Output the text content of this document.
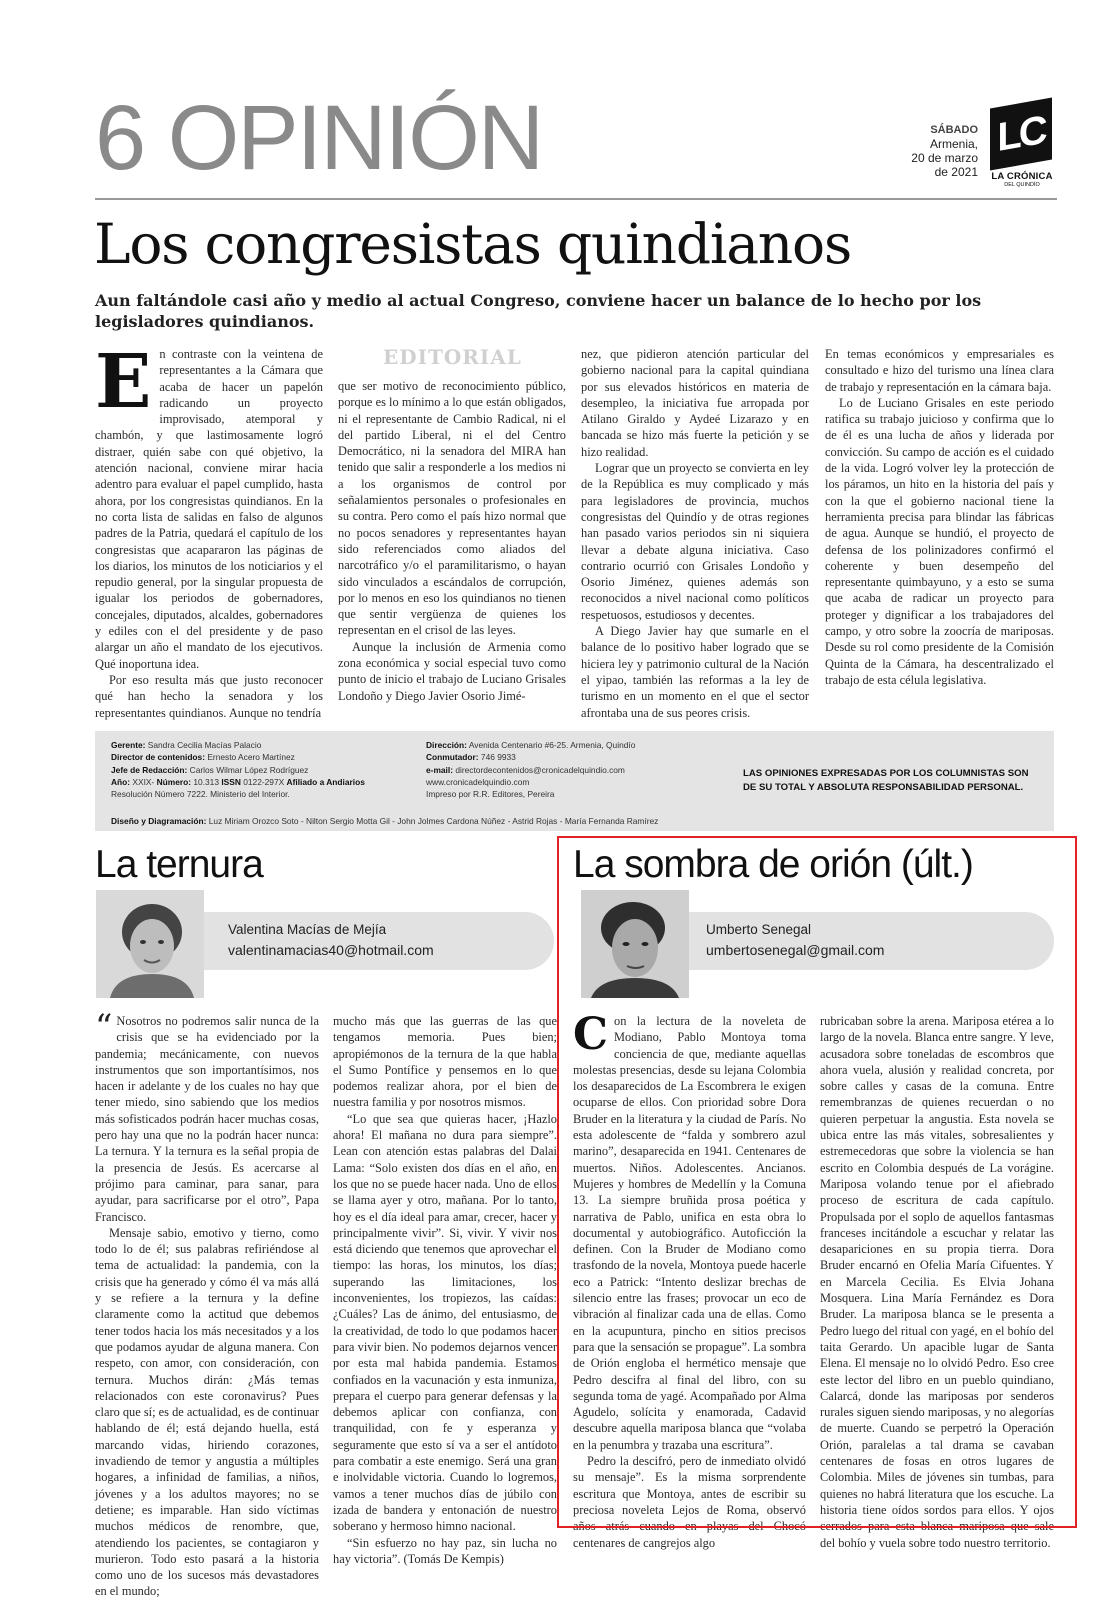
6 OPINIÓN	SÁBADO
Armenia,
20 de marzo
de 2021
LC
LA CRÓNICA
DEL QUINDÍO
Los congresistas quindianos
Aun faltándole casi año y medio al actual Congreso, conviene hacer un balance de lo hecho por los legisladores quindianos.
EDITORIAL

En contraste con la veintena de representantes a la Cámara que acaba de hacer un papelón radicando un proyecto improvisado, atemporal y chambón, y que lastimosamente logró distraer, quién sabe con qué objetivo, la atención nacional, conviene mirar hacia adentro para evaluar el papel cumplido, hasta ahora, por los congresistas quindianos. En la no corta lista de salidas en falso de algunos padres de la Patria, quedará el capítulo de los congresistas que acapararon las páginas de los diarios, los minutos de los noticiarios y el repudio general, por la singular propuesta de igualar los periodos de gobernadores, concejales, diputados, alcaldes, gobernadores y ediles con el del presidente y de paso alargar un año el mandato de los ejecutivos. Qué inoportuna idea.

Por eso resulta más que justo reconocer qué han hecho la senadora y los representantes quindianos. Aunque no tendría

que ser motivo de reconocimiento público, porque es lo mínimo a lo que están obligados, ni el representante de Cambio Radical, ni el del partido Liberal, ni el del Centro Democrático, ni la senadora del MIRA han tenido que salir a responderle a los medios ni a los organismos de control por señalamientos personales o profesionales en su contra. Pero como el país hizo normal que no pocos senadores y representantes hayan sido referenciados como aliados del narcotráfico y/o el paramilitarismo, o hayan sido vinculados a escándalos de corrupción, por lo menos en eso los quindianos no tienen que sentir vergüenza de quienes los representan en el crisol de las leyes.

Aunque la inclusión de Armenia como zona económica y social especial tuvo como punto de inicio el trabajo de Luciano Grisales Londoño y Diego Javier Osorio Jimé-

nez, que pidieron atención particular del gobierno nacional para la capital quindiana por sus elevados históricos en materia de desempleo, la iniciativa fue arropada por Atilano Giraldo y Aydeé Lizarazo y en bancada se hizo más fuerte la petición y se hizo realidad.

Lograr que un proyecto se convierta en ley de la República es muy complicado y más para legisladores de provincia, muchos congresistas del Quindío y de otras regiones han pasado varios periodos sin ni siquiera llevar a debate alguna iniciativa. Caso contrario ocurrió con Grisales Londoño y Osorio Jiménez, quienes además son reconocidos a nivel nacional como políticos respetuosos, estudiosos y decentes.

A Diego Javier hay que sumarle en el balance de lo positivo haber logrado que se hiciera ley y patrimonio cultural de la Nación el yipao, también las reformas a la ley de turismo en un momento en el que el sector afrontaba una de sus peores crisis.

En temas económicos y empresariales es consultado e hizo del turismo una línea clara de trabajo y representación en la cámara baja.

Lo de Luciano Grisales en este periodo ratifica su trabajo juicioso y confirma que lo de él es una lucha de años y liderada por convicción. Su campo de acción es el cuidado de la vida. Logró volver ley la protección de los páramos, un hito en la historia del país y con la que el gobierno nacional tiene la herramienta precisa para blindar las fábricas de agua. Aunque se hundió, el proyecto de defensa de los polinizadores confirmó el coherente y buen desempeño del representante quimbayuno, y a esto se suma que acaba de radicar un proyecto para proteger y dignificar a los trabajadores del campo, y otro sobre la zoocría de mariposas. Desde su rol como presidente de la Comisión Quinta de la Cámara, ha descentralizado el trabajo de esta célula legislativa.

Gerente: Sandra Cecilia Macías Palacio
Director de contenidos: Ernesto Acero Martínez
Jefe de Redacción: Carlos Wilmar López Rodríguez
Año: XXIX- Número: 10.313 ISSN 0122-297X Afiliado a Andiarios
Resolución Número 7222. Ministerio del Interior.
Dirección: Avenida Centenario #6-25. Armenia, Quindío
Conmutador: 746 9933
e-mail: directordecontenidos@cronicadelquindio.com
www.cronicadelquindio.com
Impreso por R.R. Editores, Pereira
LAS OPINIONES EXPRESADAS POR LOS COLUMNISTAS SON DE SU TOTAL Y ABSOLUTA RESPONSABILIDAD PERSONAL.
Diseño y Diagramación: Luz Miriam Orozco Soto - Nilton Sergio Motta Gil - John Jolmes Cardona Núñez - Astrid Rojas - María Fernanda Ramírez
La ternura
Valentina Macías de Mejía
valentinamacias40@hotmail.com

“ Nosotros no podremos salir nunca de la crisis que se ha evidenciado por la pandemia; mecánicamente, con nuevos instrumentos que son importantísimos, nos hacen ir adelante y de los cuales no hay que tener miedo, sino sabiendo que los medios más sofisticados podrán hacer muchas cosas, pero hay una que no la podrán hacer nunca: La ternura. Y la ternura es la señal propia de la presencia de Jesús. Es acercarse al prójimo para caminar, para sanar, para ayudar, para sacrificarse por el otro”, Papa Francisco.

Mensaje sabio, emotivo y tierno, como todo lo de él; sus palabras refiriéndose al tema de actualidad: la pandemia, con la crisis que ha generado y cómo él va más allá y se refiere a la ternura y la define claramente como la actitud que debemos tener todos hacia los más necesitados y a los que podamos ayudar de alguna manera. Con respeto, con amor, con consideración, con ternura. Muchos dirán: ¿Más temas relacionados con este coronavirus? Pues claro que sí; es de actualidad, es de continuar hablando de él; está dejando huella, está marcando vidas, hiriendo corazones, invadiendo de temor y angustia a múltiples hogares, a infinidad de familias, a niños, jóvenes y a los adultos mayores; no se detiene; es imparable. Han sido víctimas muchos médicos de renombre, que, atendiendo los pacientes, se contagiaron y murieron. Todo esto pasará a la historia como uno de los sucesos más devastadores en el mundo;

mucho más que las guerras de las que tengamos memoria. Pues bien; apropiémonos de la ternura de la que habla el Sumo Pontífice y pensemos en lo que podemos realizar ahora, por el bien de nuestra familia y por nosotros mismos.

“Lo que sea que quieras hacer, ¡Hazlo ahora! El mañana no dura para siempre”. Lean con atención estas palabras del Dalai Lama: “Solo existen dos días en el año, en los que no se puede hacer nada. Uno de ellos se llama ayer y otro, mañana. Por lo tanto, hoy es el día ideal para amar, crecer, hacer y principalmente vivir”. Si, vivir. Y vivir nos está diciendo que tenemos que aprovechar el tiempo: las horas, los minutos, los días; superando las limitaciones, los inconvenientes, los tropiezos, las caídas: ¿Cuáles? Las de ánimo, del entusiasmo, de la creatividad, de todo lo que podamos hacer para vivir bien. No podemos dejarnos vencer por esta mal habida pandemia. Estamos confiados en la vacunación y esta inmuniza, prepara el cuerpo para generar defensas y la debemos aplicar con confianza, con tranquilidad, con fe y esperanza y seguramente que esto sí va a ser el antídoto para combatir a este enemigo. Será una gran e inolvidable victoria. Cuando lo logremos, vamos a tener muchos días de júbilo con izada de bandera y entonación de nuestro soberano y hermoso himno nacional.

“Sin esfuerzo no hay paz, sin lucha no hay victoria”. (Tomás De Kempis)

La sombra de orión (últ.)
Umberto Senegal
umbertosenegal@gmail.com

Con la lectura de la noveleta de Modiano, Pablo Montoya toma conciencia de que, mediante aquellas molestas presencias, desde su lejana Colombia los desaparecidos de La Escombrera le exigen ocuparse de ellos. Con prioridad sobre Dora Bruder en la literatura y la ciudad de París. No esta adolescente de “falda y sombrero azul marino”, desaparecida en 1941. Centenares de muertos. Niños. Adolescentes. Ancianos. Mujeres y hombres de Medellín y la Comuna 13. La siempre bruñida prosa poética y narrativa de Pablo, unifica en esta obra lo documental y autobiográfico. Autoficción la definen. Con la Bruder de Modiano como trasfondo de la novela, Montoya puede hacerle eco a Patrick: “Intento deslizar brechas de silencio entre las frases; provocar un eco de vibración al finalizar cada una de ellas. Como en la acupuntura, pincho en sitios precisos para que la sensación se propague”. La sombra de Orión engloba el hermético mensaje que Pedro descifra al final del libro, con su segunda toma de yagé. Acompañado por Alma Agudelo, solícita y enamorada, Cadavid descubre aquella mariposa blanca que “volaba en la penumbra y trazaba una escritura”.

Pedro la descifró, pero de inmediato olvidó su mensaje”. Es la misma sorprendente escritura que Montoya, antes de escribir su preciosa noveleta Lejos de Roma, observó años atrás cuando en playas del Chocó centenares de cangrejos algo

rubricaban sobre la arena. Mariposa etérea a lo largo de la novela. Blanca entre sangre. Y leve, acusadora sobre toneladas de escombros que ahora vuela, alusión y realidad concreta, por sobre calles y casas de la comuna. Entre remembranzas de quienes recuerdan o no quieren perpetuar la angustia. Esta novela se ubica entre las más vitales, sobresalientes y estremecedoras que sobre la violencia se han escrito en Colombia después de La vorágine. Mariposa volando tenue por el afiebrado proceso de escritura de cada capítulo. Propulsada por el soplo de aquellos fantasmas franceses incitándole a escuchar y relatar las desapariciones en su propia tierra. Dora Bruder encarnó en Ofelia María Cifuentes. Y en Marcela Cecilia. Es Elvia Johana Mosquera. Lina María Fernández es Dora Bruder. La mariposa blanca se le presenta a Pedro luego del ritual con yagé, en el bohío del taita Gerardo. Un apacible lugar de Santa Elena. El mensaje no lo olvidó Pedro. Eso cree este lector del libro en un pueblo quindiano, Calarcá, donde las mariposas por senderos rurales siguen siendo mariposas, y no alegorías de muerte. Cuando se perpetró la Operación Orión, paralelas a tal drama se cavaban centenares de fosas en otros lugares de Colombia. Miles de jóvenes sin tumbas, para quienes no habrá literatura que los escuche. La historia tiene oídos sordos para ellos. Y ojos cerrados para esta blanca mariposa que sale del bohío y vuela sobre todo nuestro territorio.
